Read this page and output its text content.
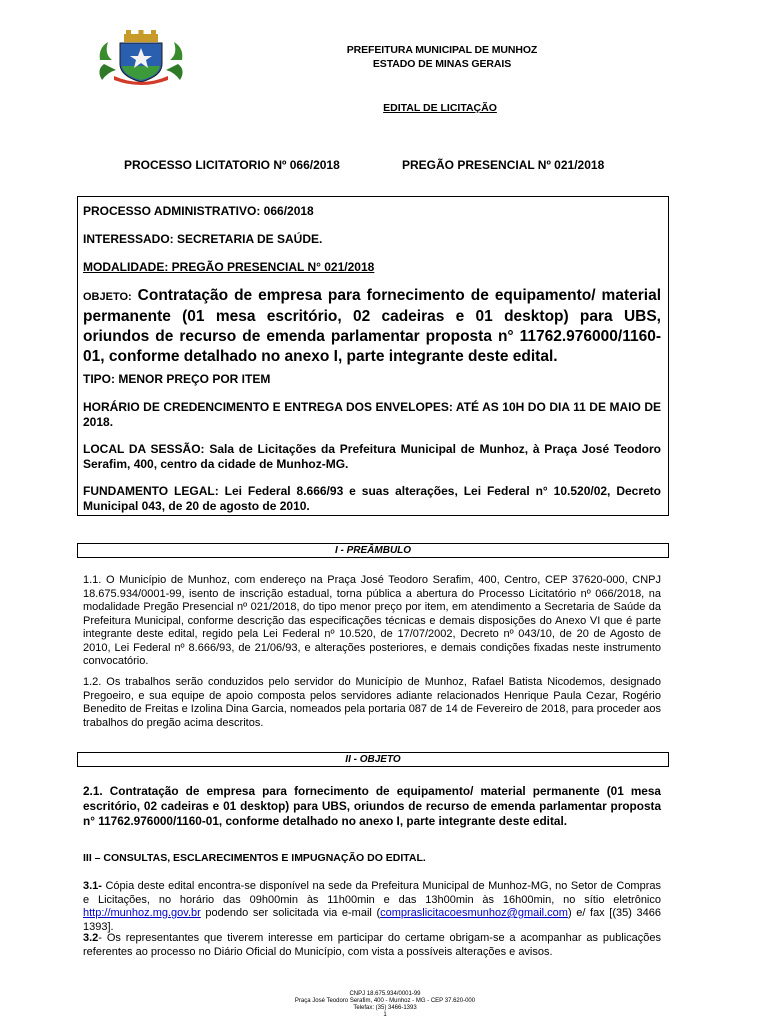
PREFEITURA MUNICIPAL DE MUNHOZ
ESTADO DE MINAS GERAIS
EDITAL DE LICITAÇÃO
PROCESSO LICITATORIO Nº 066/2018	PREGÃO PRESENCIAL Nº 021/2018
PROCESSO ADMINISTRATIVO: 066/2018
INTERESSADO: SECRETARIA DE SAÚDE.
MODALIDADE: PREGÃO PRESENCIAL N° 021/2018
OBJETO: Contratação de empresa para fornecimento de equipamento/ material permanente (01 mesa escritório, 02 cadeiras e 01 desktop) para UBS, oriundos de recurso de emenda parlamentar proposta n° 11762.976000/1160-01, conforme detalhado no anexo I, parte integrante deste edital.
TIPO: MENOR PREÇO POR ITEM
HORÁRIO DE CREDENCIMENTO E ENTREGA DOS ENVELOPES: ATÉ AS 10H DO DIA 11 DE MAIO DE 2018.
LOCAL DA SESSÃO: Sala de Licitações da Prefeitura Municipal de Munhoz, à Praça José Teodoro Serafim, 400, centro da cidade de Munhoz-MG.
FUNDAMENTO LEGAL: Lei Federal 8.666/93 e suas alterações, Lei Federal n° 10.520/02, Decreto Municipal 043, de 20 de agosto de 2010.
I - PREÂMBULO
1.1. O Município de Munhoz, com endereço na Praça José Teodoro Serafim, 400, Centro, CEP 37620-000, CNPJ 18.675.934/0001-99, isento de inscrição estadual, torna pública a abertura do Processo Licitatório nº 066/2018, na modalidade Pregão Presencial nº 021/2018, do tipo menor preço por item, em atendimento a Secretaria de Saúde da Prefeitura Municipal, conforme descrição das especificações técnicas e demais disposições do Anexo VI que é parte integrante deste edital, regido pela Lei Federal nº 10.520, de 17/07/2002, Decreto nº 043/10, de 20 de Agosto de 2010, Lei Federal nº 8.666/93, de 21/06/93, e alterações posteriores, e demais condições fixadas neste instrumento convocatório.
1.2. Os trabalhos serão conduzidos pelo servidor do Município de Munhoz, Rafael Batista Nicodemos, designado Pregoeiro, e sua equipe de apoio composta pelos servidores adiante relacionados Henrique Paula Cezar, Rogério Benedito de Freitas e Izolina Dina Garcia, nomeados pela portaria 087 de 14 de Fevereiro de 2018, para proceder aos trabalhos do pregão acima descritos.
II - OBJETO
2.1. Contratação de empresa para fornecimento de equipamento/ material permanente (01 mesa escritório, 02 cadeiras e 01 desktop) para UBS, oriundos de recurso de emenda parlamentar proposta n° 11762.976000/1160-01, conforme detalhado no anexo I, parte integrante deste edital.
III – CONSULTAS, ESCLARECIMENTOS E IMPUGNAÇÃO DO EDITAL.
3.1- Cópia deste edital encontra-se disponível na sede da Prefeitura Municipal de Munhoz-MG, no Setor de Compras e Licitações, no horário das 09h00min às 11h00min e das 13h00min às 16h00min, no sítio eletrônico http://munhoz.mg.gov.br podendo ser solicitada via e-mail (compraslicitacoesmunhoz@gmail.com) e/ fax [(35) 3466 1393].
3.2- Os representantes que tiverem interesse em participar do certame obrigam-se a acompanhar as publicações referentes ao processo no Diário Oficial do Município, com vista a possíveis alterações e avisos.
CNPJ 18.675.934/0001-99
Praça José Teodoro Serafim, 400 - Munhoz - MG - CEP 37.620-000
Telefax: (35) 3466-1393
1
